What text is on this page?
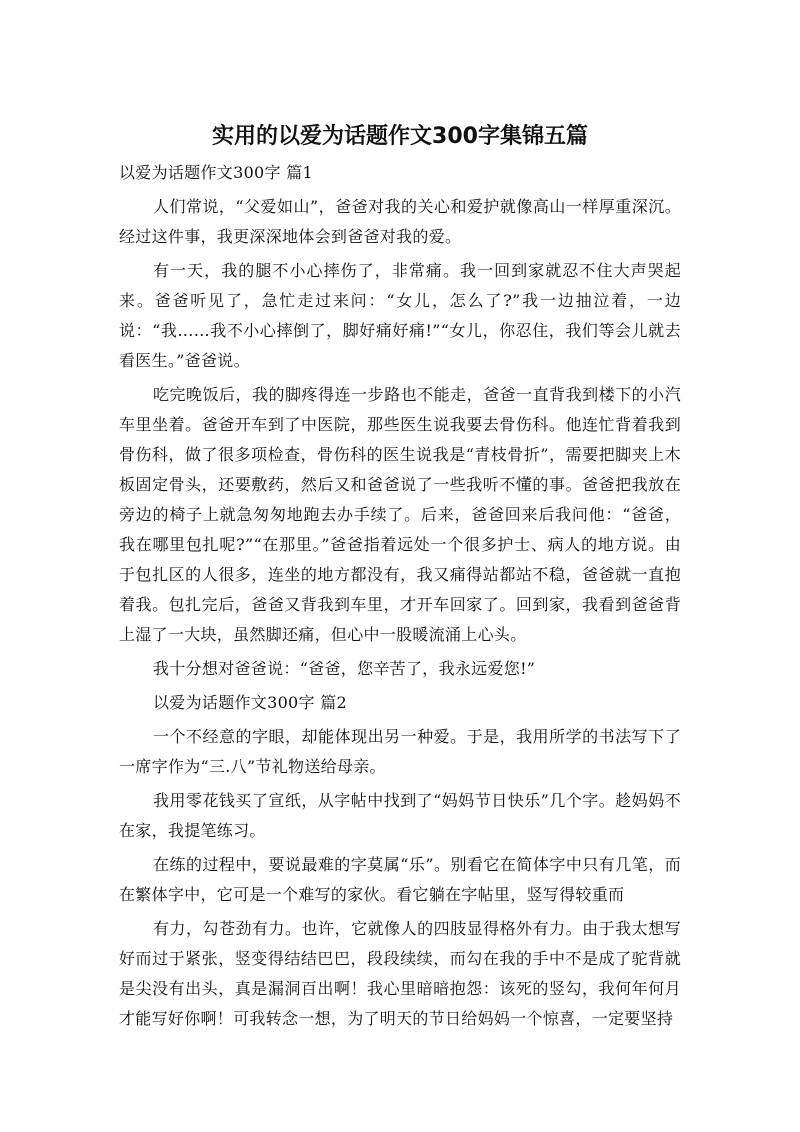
实用的以爱为话题作文300字集锦五篇

以爱为话题作文300字 篇1

人们常说，“父爱如山”，爸爸对我的关心和爱护就像高山一样厚重深沉。经过这件事，我更深深地体会到爸爸对我的爱。

有一天，我的腿不小心摔伤了，非常痛。我一回到家就忍不住大声哭起来。爸爸听见了，急忙走过来问：“女儿，怎么了?”我一边抽泣着，一边说：“我……我不小心摔倒了，脚好痛好痛!”“女儿，你忍住，我们等会儿就去看医生。”爸爸说。

吃完晚饭后，我的脚疼得连一步路也不能走，爸爸一直背我到楼下的小汽车里坐着。爸爸开车到了中医院，那些医生说我要去骨伤科。他连忙背着我到骨伤科，做了很多项检查，骨伤科的医生说我是“青枝骨折”，需要把脚夹上木板固定骨头，还要敷药，然后又和爸爸说了一些我听不懂的事。爸爸把我放在旁边的椅子上就急匆匆地跑去办手续了。后来，爸爸回来后我问他：“爸爸，我在哪里包扎呢?”“在那里。”爸爸指着远处一个很多护士、病人的地方说。由于包扎区的人很多，连坐的地方都没有，我又痛得站都站不稳，爸爸就一直抱着我。包扎完后，爸爸又背我到车里，才开车回家了。回到家，我看到爸爸背上湿了一大块，虽然脚还痛，但心中一股暖流涌上心头。

我十分想对爸爸说：“爸爸，您辛苦了，我永远爱您!”

以爱为话题作文300字 篇2

一个不经意的字眼，却能体现出另一种爱。于是，我用所学的书法写下了一席字作为“三.八”节礼物送给母亲。

我用零花钱买了宣纸，从字帖中找到了“妈妈节日快乐”几个字。趁妈妈不在家，我提笔练习。

在练的过程中，要说最难的字莫属“乐”。别看它在简体字中只有几笔，而在繁体字中，它可是一个难写的家伙。看它躺在字帖里，竖写得较重而

有力，勾苍劲有力。也许，它就像人的四肢显得格外有力。由于我太想写好而过于紧张，竖变得结结巴巴，段段续续，而勾在我的手中不是成了驼背就是尖没有出头，真是漏洞百出啊！我心里暗暗抱怨：该死的竖勾，我何年何月才能写好你啊！可我转念一想，为了明天的节日给妈妈一个惊喜，一定要坚持
